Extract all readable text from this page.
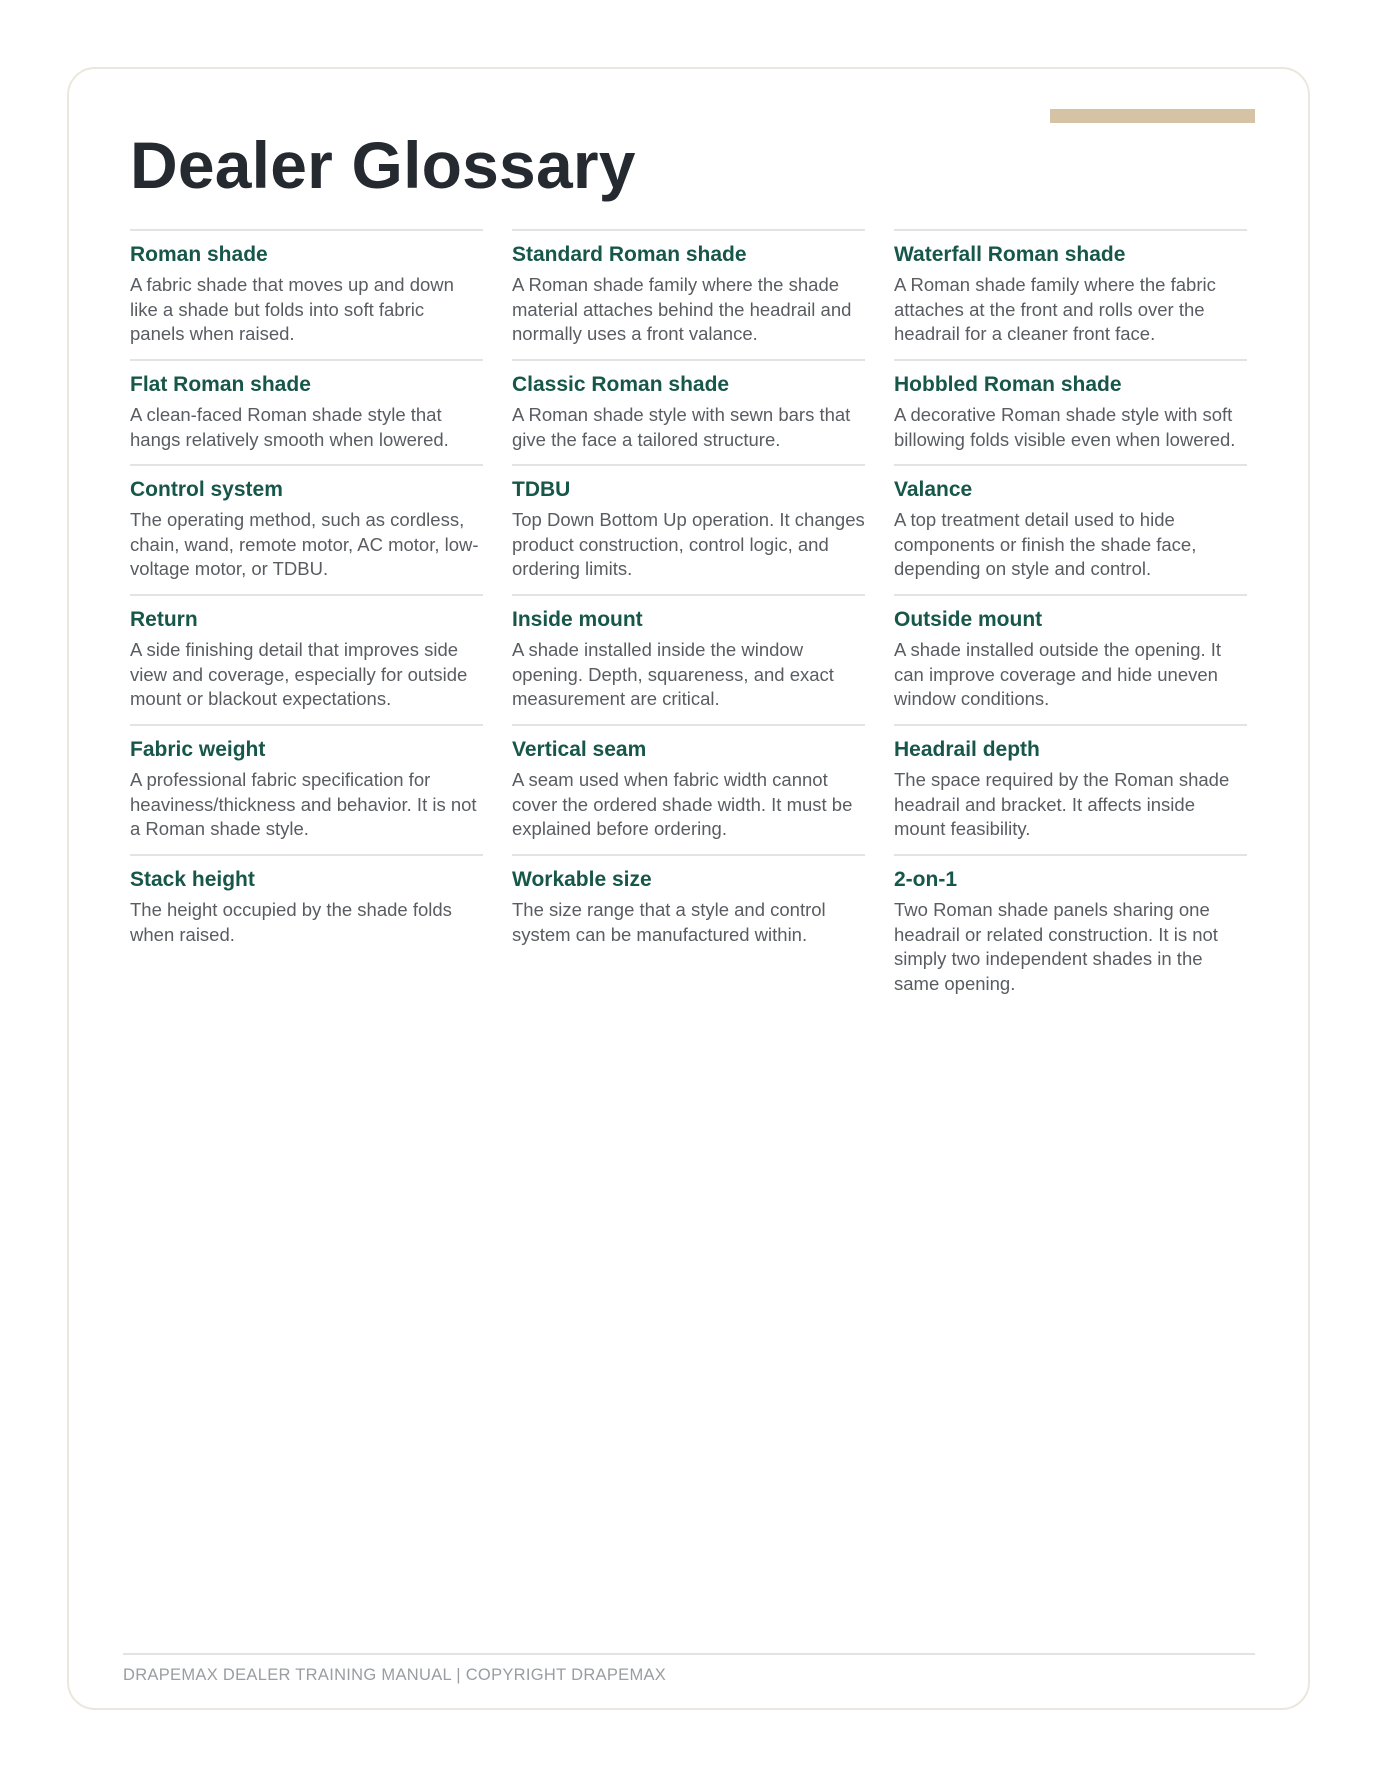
Dealer Glossary
Roman shade

A fabric shade that moves up and down like a shade but folds into soft fabric panels when raised.

Standard Roman shade

A Roman shade family where the shade material attaches behind the headrail and normally uses a front valance.

Waterfall Roman shade

A Roman shade family where the fabric attaches at the front and rolls over the headrail for a cleaner front face.

Flat Roman shade

A clean-faced Roman shade style that hangs relatively smooth when lowered.

Classic Roman shade

A Roman shade style with sewn bars that give the face a tailored structure.

Hobbled Roman shade

A decorative Roman shade style with soft billowing folds visible even when lowered.

Control system

The operating method, such as cordless, chain, wand, remote motor, AC motor, low-voltage motor, or TDBU.

TDBU

Top Down Bottom Up operation. It changes product construction, control logic, and ordering limits.

Valance

A top treatment detail used to hide components or finish the shade face, depending on style and control.

Return

A side finishing detail that improves side view and coverage, especially for outside mount or blackout expectations.

Inside mount

A shade installed inside the window opening. Depth, squareness, and exact measurement are critical.

Outside mount

A shade installed outside the opening. It can improve coverage and hide uneven window conditions.

Fabric weight

A professional fabric specification for heaviness/thickness and behavior. It is not a Roman shade style.

Vertical seam

A seam used when fabric width cannot cover the ordered shade width. It must be explained before ordering.

Headrail depth

The space required by the Roman shade headrail and bracket. It affects inside mount feasibility.

Stack height

The height occupied by the shade folds when raised.

Workable size

The size range that a style and control system can be manufactured within.

2-on-1

Two Roman shade panels sharing one headrail or related construction. It is not simply two independent shades in the same opening.

DRAPEMAX DEALER TRAINING MANUAL | COPYRIGHT DRAPEMAX
